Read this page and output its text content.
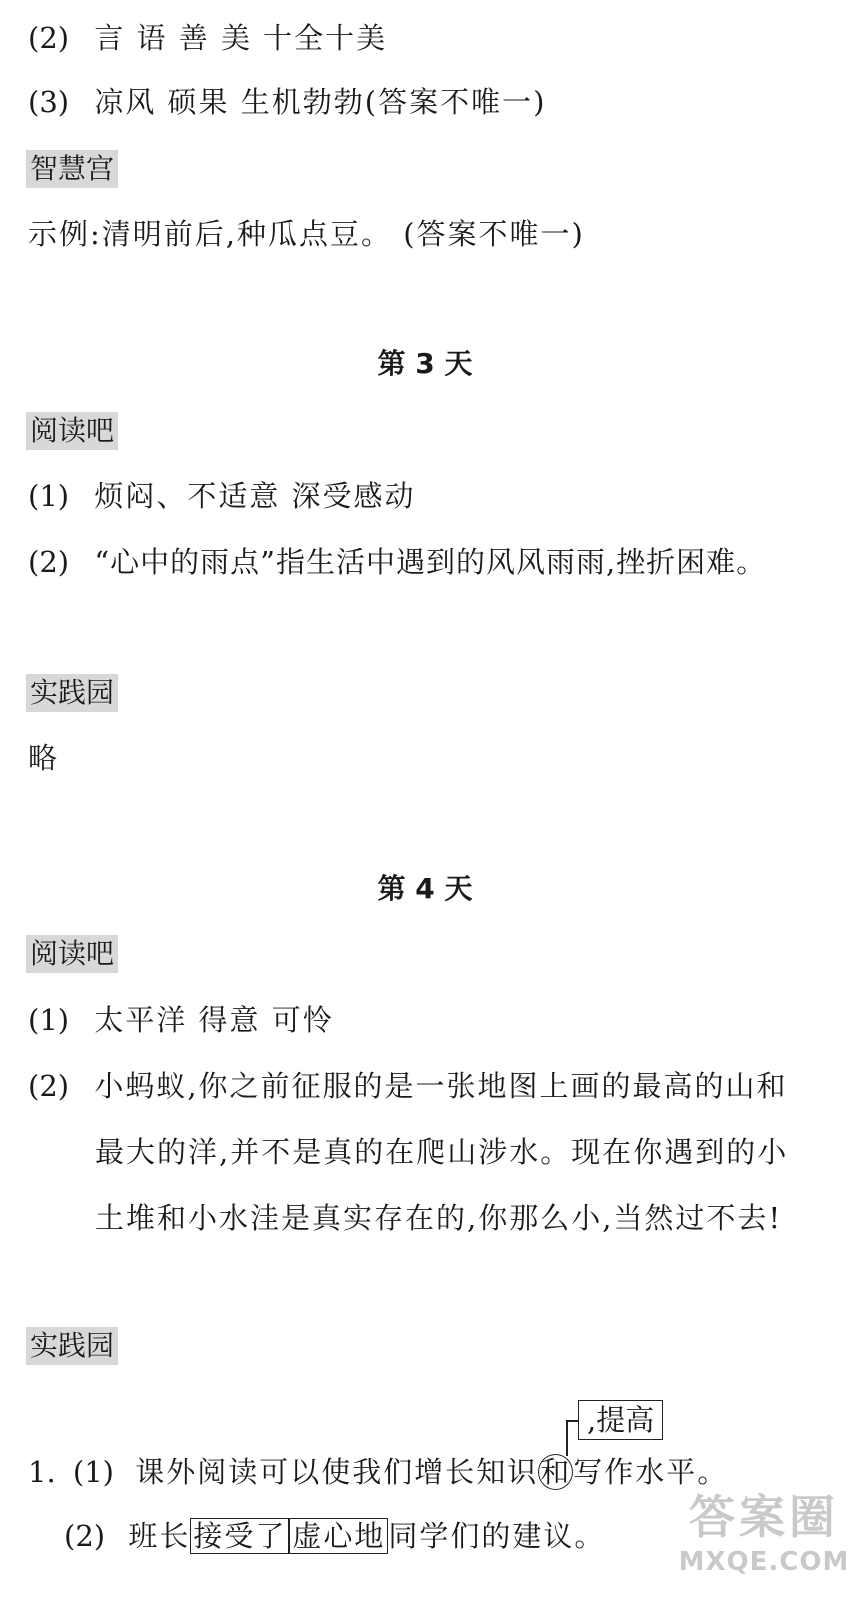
(2) 言 语 善 美 十全十美
(3) 凉风 硕果 生机勃勃(答案不唯一)
智慧宫
示例:清明前后,种瓜点豆。 (答案不唯一)
第 3 天
阅读吧
(1) 烦闷、不适意 深受感动
(2) “心中的雨点”指生活中遇到的风风雨雨,挫折困难。
实践园
略
第 4 天
阅读吧
(1) 太平洋 得意 可怜
(2) 小蚂蚁,你之前征服的是一张地图上画的最高的山和
最大的洋,并不是真的在爬山涉水。现在你遇到的小
土堆和小水洼是真实存在的,你那么小,当然过不去!
实践园
,提高
1. (1) 课外阅读可以使我们增长知识和写作水平。
(2) 班长 接受了 虚心地 同学们的建议。 答案圈
MXQE.COM
